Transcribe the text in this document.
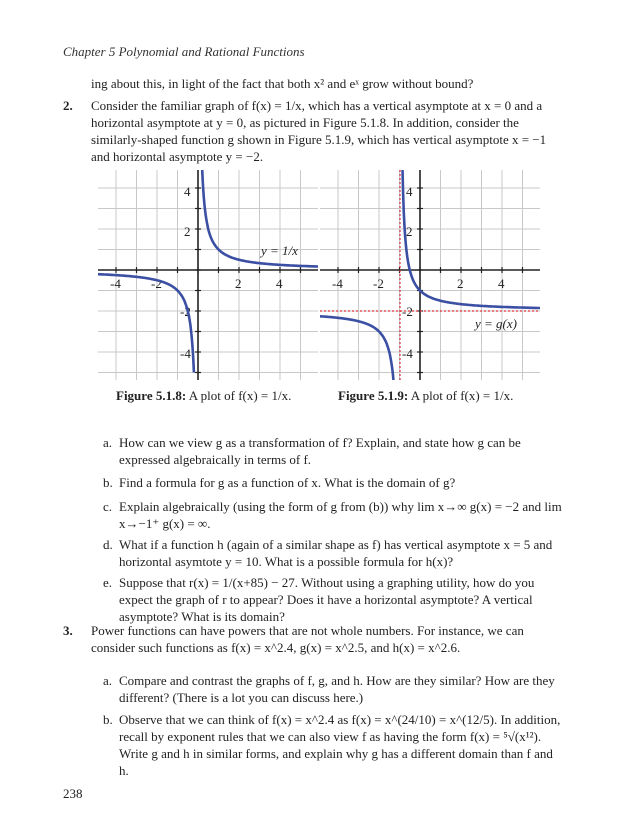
Chapter 5 Polynomial and Rational Functions
ing about this, in light of the fact that both x² and eˣ grow without bound?
2. Consider the familiar graph of f(x) = 1/x, which has a vertical asymptote at x = 0 and a horizontal asymptote at y = 0, as pictured in Figure 5.1.8. In addition, consider the similarly-shaped function g shown in Figure 5.1.9, which has vertical asymptote x = −1 and horizontal asymptote y = −2.
-4 -2	2	4
4
2
-2
-4
y = 1/x
-4 -2	2	4
4
2
-2
-4
y = g(x)
Figure 5.1.8: A plot of f(x) = 1/x.	Figure 5.1.9: A plot of f(x) = 1/x.
a. How can we view g as a transformation of f? Explain, and state how g can be expressed algebraically in terms of f.
b. Find a formula for g as a function of x. What is the domain of g?
c. Explain algebraically (using the form of g from (b)) why lim x→∞ g(x) = −2 and lim x→−1⁺ g(x) = ∞.
d. What if a function h (again of a similar shape as f) has vertical asymptote x = 5 and horizontal asymtote y = 10. What is a possible formula for h(x)?
e. Suppose that r(x) = 1/(x+85) − 27. Without using a graphing utility, how do you expect the graph of r to appear? Does it have a horizontal asymptote? A vertical asymptote? What is its domain?
3. Power functions can have powers that are not whole numbers. For instance, we can consider such functions as f(x) = x^2.4, g(x) = x^2.5, and h(x) = x^2.6.
a. Compare and contrast the graphs of f, g, and h. How are they similar? How are they different? (There is a lot you can discuss here.)
b. Observe that we can think of f(x) = x^2.4 as f(x) = x^(24/10) = x^(12/5). In addition, recall by exponent rules that we can also view f as having the form f(x) = ⁵√(x¹²). Write g and h in similar forms, and explain why g has a different domain than f and h.
238
